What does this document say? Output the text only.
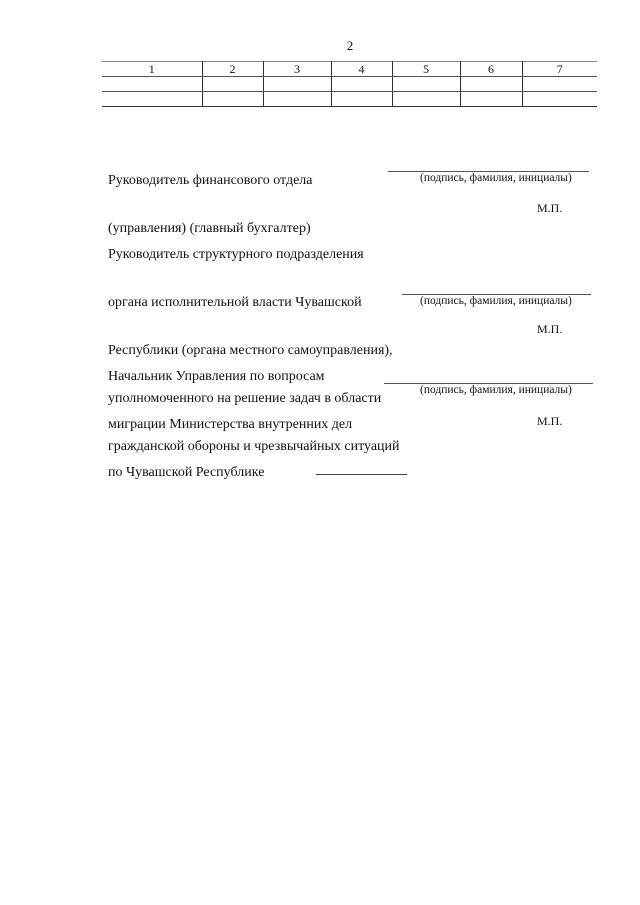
2
1	2	3	4	5	6	7

Руководитель финансового отдела

(управления) (главный бухгалтер)

(подпись, фамилия, инициалы)
М.П.

Руководитель структурного подразделения

органа исполнительной власти Чувашской

Республики (органа местного самоуправления),

уполномоченного на решение задач в области

гражданской обороны и чрезвычайных ситуаций

(подпись, фамилия, инициалы)
М.П.

Начальник Управления по вопросам

миграции Министерства внутренних дел

по Чувашской Республике

(подпись, фамилия, инициалы)
М.П.
